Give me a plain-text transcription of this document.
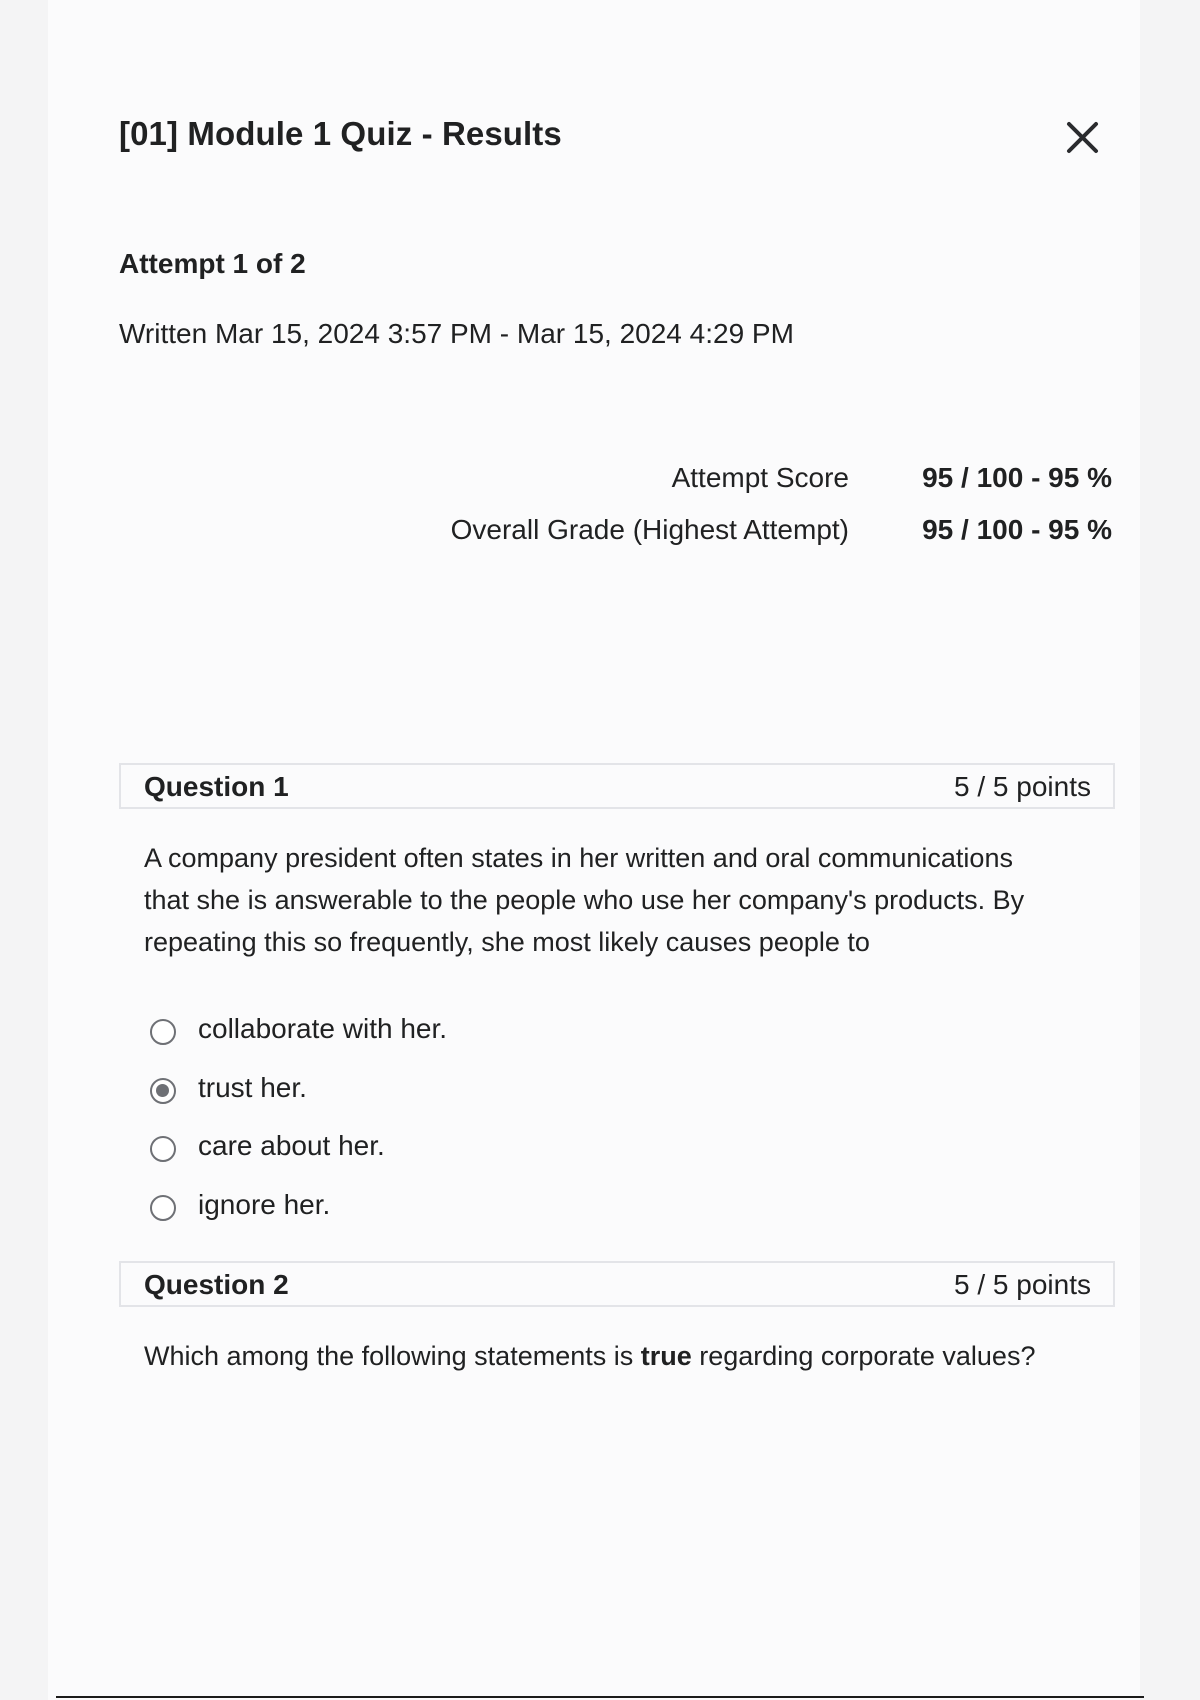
[01] Module 1 Quiz - Results
Attempt 1 of 2
Written Mar 15, 2024 3:57 PM - Mar 15, 2024 4:29 PM
Attempt Score	95 / 100 - 95 %
Overall Grade (Highest Attempt)	95 / 100 - 95 %
Question 1	5 / 5 points

A company president often states in her written and oral communications
that she is answerable to the people who use her company's products. By
repeating this so frequently, she most likely causes people to

collaborate with her.
trust her.
care about her.
ignore her.
Question 2	5 / 5 points

Which among the following statements is true regarding corporate values?
